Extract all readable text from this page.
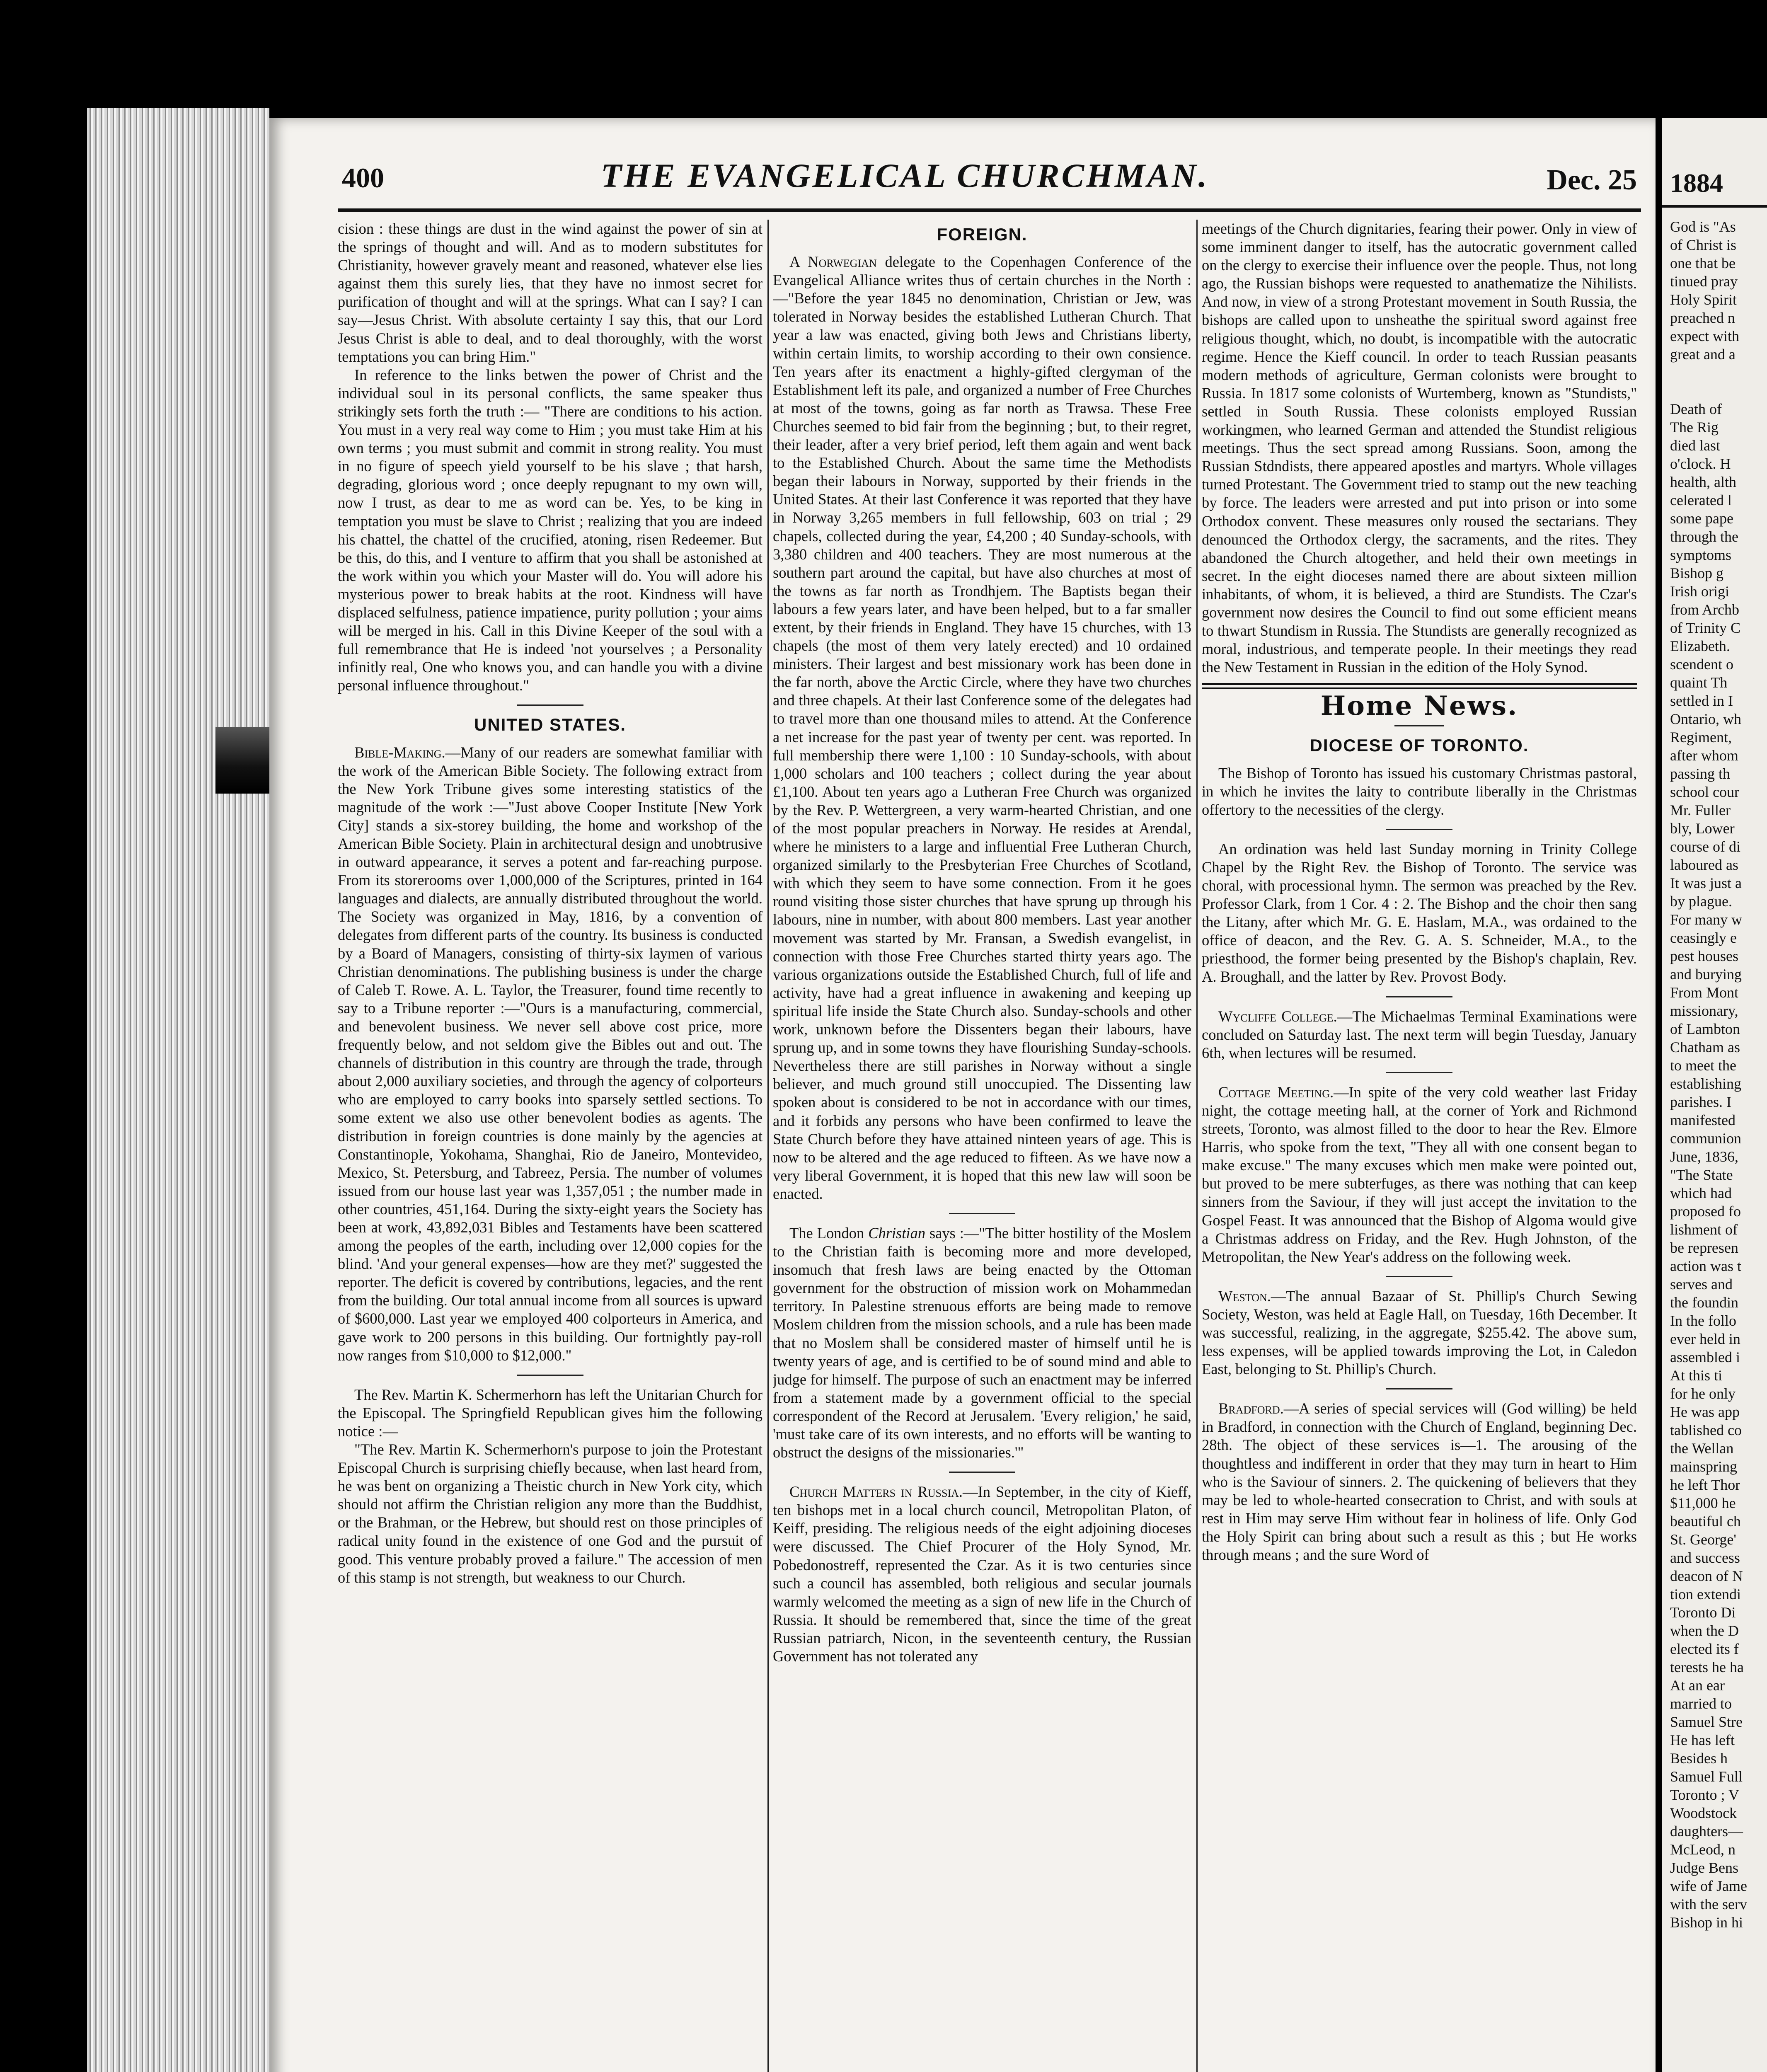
400	THE EVANGELICAL CHURCHMAN.	Dec. 25

cision : these things are dust in the wind against the power of sin at the springs of thought and will. And as to modern substitutes for Christianity, however gravely meant and reasoned, whatever else lies against them this surely lies, that they have no inmost secret for purification of thought and will at the springs. What can I say? I can say—Jesus Christ. With absolute certainty I say this, that our Lord Jesus Christ is able to deal, and to deal thoroughly, with the worst temptations you can bring Him."

In reference to the links betwen the power of Christ and the individual soul in its personal conflicts, the same speaker thus strikingly sets forth the truth :— "There are conditions to his action. You must in a very real way come to Him ; you must take Him at his own terms ; you must submit and commit in strong reality. You must in no figure of speech yield yourself to be his slave ; that harsh, degrading, glorious word ; once deeply repugnant to my own will, now I trust, as dear to me as word can be. Yes, to be king in temptation you must be slave to Christ ; realizing that you are indeed his chattel, the chattel of the crucified, atoning, risen Redeemer. But be this, do this, and I venture to affirm that you shall be astonished at the work within you which your Master will do. You will adore his mysterious power to break habits at the root. Kindness will have displaced selfulness, patience impatience, purity pollution ; your aims will be merged in his. Call in this Divine Keeper of the soul with a full remembrance that He is indeed 'not yourselves ; a Personality infinitly real, One who knows you, and can handle you with a divine personal influence throughout."

UNITED STATES.

Bible-Making.—Many of our readers are somewhat familiar with the work of the American Bible Society. The following extract from the New York Tribune gives some interesting statistics of the magnitude of the work :—"Just above Cooper Institute [New York City] stands a six-storey building, the home and workshop of the American Bible Society. Plain in architectural design and unobtrusive in outward appearance, it serves a potent and far-reaching purpose. From its storerooms over 1,000,000 of the Scriptures, printed in 164 languages and dialects, are annually distributed throughout the world. The Society was organized in May, 1816, by a convention of delegates from different parts of the country. Its business is conducted by a Board of Managers, consisting of thirty-six laymen of various Christian denominations. The publishing business is under the charge of Caleb T. Rowe. A. L. Taylor, the Treasurer, found time recently to say to a Tribune reporter :—"Ours is a manufacturing, commercial, and benevolent business. We never sell above cost price, more frequently below, and not seldom give the Bibles out and out. The channels of distribution in this country are through the trade, through about 2,000 auxiliary societies, and through the agency of colporteurs who are employed to carry books into sparsely settled sections. To some extent we also use other benevolent bodies as agents. The distribution in foreign countries is done mainly by the agencies at Constantinople, Yokohama, Shanghai, Rio de Janeiro, Montevideo, Mexico, St. Petersburg, and Tabreez, Persia. The number of volumes issued from our house last year was 1,357,051 ; the number made in other countries, 451,164. During the sixty-eight years the Society has been at work, 43,892,031 Bibles and Testaments have been scattered among the peoples of the earth, including over 12,000 copies for the blind. 'And your general expenses—how are they met?' suggested the reporter. The deficit is covered by contributions, legacies, and the rent from the building. Our total annual income from all sources is upward of $600,000. Last year we employed 400 colporteurs in America, and gave work to 200 persons in this building. Our fortnightly pay-roll now ranges from $10,000 to $12,000."

The Rev. Martin K. Schermerhorn has left the Unitarian Church for the Episcopal. The Springfield Republican gives him the following notice :—

"The Rev. Martin K. Schermerhorn's purpose to join the Protestant Episcopal Church is surprising chiefly because, when last heard from, he was bent on organizing a Theistic church in New York city, which should not affirm the Christian religion any more than the Buddhist, or the Brahman, or the Hebrew, but should rest on those principles of radical unity found in the existence of one God and the pursuit of good. This venture probably proved a failure." The accession of men of this stamp is not strength, but weakness to our Church.

FOREIGN.

A Norwegian delegate to the Copenhagen Conference of the Evangelical Alliance writes thus of certain churches in the North :—"Before the year 1845 no denomination, Christian or Jew, was tolerated in Norway besides the established Lutheran Church. That year a law was enacted, giving both Jews and Christians liberty, within certain limits, to worship according to their own consience. Ten years after its enactment a highly-gifted clergyman of the Establishment left its pale, and organized a number of Free Churches at most of the towns, going as far north as Trawsa. These Free Churches seemed to bid fair from the beginning ; but, to their regret, their leader, after a very brief period, left them again and went back to the Established Church. About the same time the Methodists began their labours in Norway, supported by their friends in the United States. At their last Conference it was reported that they have in Norway 3,265 members in full fellowship, 603 on trial ; 29 chapels, collected during the year, £4,200 ; 40 Sunday-schools, with 3,380 children and 400 teachers. They are most numerous at the southern part around the capital, but have also churches at most of the towns as far north as Trondhjem. The Baptists began their labours a few years later, and have been helped, but to a far smaller extent, by their friends in England. They have 15 churches, with 13 chapels (the most of them very lately erected) and 10 ordained ministers. Their largest and best missionary work has been done in the far north, above the Arctic Circle, where they have two churches and three chapels. At their last Conference some of the delegates had to travel more than one thousand miles to attend. At the Conference a net increase for the past year of twenty per cent. was reported. In full membership there were 1,100 : 10 Sunday-schools, with about 1,000 scholars and 100 teachers ; collect during the year about £1,100. About ten years ago a Lutheran Free Church was organized by the Rev. P. Wettergreen, a very warm-hearted Christian, and one of the most popular preachers in Norway. He resides at Arendal, where he ministers to a large and influential Free Lutheran Church, organized similarly to the Presbyterian Free Churches of Scotland, with which they seem to have some connection. From it he goes round visiting those sister churches that have sprung up through his labours, nine in number, with about 800 members. Last year another movement was started by Mr. Fransan, a Swedish evangelist, in connection with those Free Churches started thirty years ago. The various organizations outside the Established Church, full of life and activity, have had a great influence in awakening and keeping up spiritual life inside the State Church also. Sunday-schools and other work, unknown before the Dissenters began their labours, have sprung up, and in some towns they have flourishing Sunday-schools. Nevertheless there are still parishes in Norway without a single believer, and much ground still unoccupied. The Dissenting law spoken about is considered to be not in accordance with our times, and it forbids any persons who have been confirmed to leave the State Church before they have attained ninteen years of age. This is now to be altered and the age reduced to fifteen. As we have now a very liberal Government, it is hoped that this new law will soon be enacted.

The London Christian says :—"The bitter hostility of the Moslem to the Christian faith is becoming more and more developed, insomuch that fresh laws are being enacted by the Ottoman government for the obstruction of mission work on Mohammedan territory. In Palestine strenuous efforts are being made to remove Moslem children from the mission schools, and a rule has been made that no Moslem shall be considered master of himself until he is twenty years of age, and is certified to be of sound mind and able to judge for himself. The purpose of such an enactment may be inferred from a statement made by a government official to the special correspondent of the Record at Jerusalem. 'Every religion,' he said, 'must take care of its own interests, and no efforts will be wanting to obstruct the designs of the missionaries.'"

Church Matters in Russia.—In September, in the city of Kieff, ten bishops met in a local church council, Metropolitan Platon, of Keiff, presiding. The religious needs of the eight adjoining dioceses were discussed. The Chief Procurer of the Holy Synod, Mr. Pobedonostreff, represented the Czar. As it is two centuries since such a council has assembled, both religious and secular journals warmly welcomed the meeting as a sign of new life in the Church of Russia. It should be remembered that, since the time of the great Russian patriarch, Nicon, in the seventeenth century, the Russian Government has not tolerated any

meetings of the Church dignitaries, fearing their power. Only in view of some imminent danger to itself, has the autocratic government called on the clergy to exercise their influence over the people. Thus, not long ago, the Russian bishops were requested to anathematize the Nihilists. And now, in view of a strong Protestant movement in South Russia, the bishops are called upon to unsheathe the spiritual sword against free religious thought, which, no doubt, is incompatible with the autocratic regime. Hence the Kieff council. In order to teach Russian peasants modern methods of agriculture, German colonists were brought to Russia. In 1817 some colonists of Wurtemberg, known as "Stundists," settled in South Russia. These colonists employed Russian workingmen, who learned German and attended the Stundist religious meetings. Thus the sect spread among Russians. Soon, among the Russian Stdndists, there appeared apostles and martyrs. Whole villages turned Protestant. The Government tried to stamp out the new teaching by force. The leaders were arrested and put into prison or into some Orthodox convent. These measures only roused the sectarians. They denounced the Orthodox clergy, the sacraments, and the rites. They abandoned the Church altogether, and held their own meetings in secret. In the eight dioceses named there are about sixteen million inhabitants, of whom, it is believed, a third are Stundists. The Czar's government now desires the Council to find out some efficient means to thwart Stundism in Russia. The Stundists are generally recognized as moral, industrious, and temperate people. In their meetings they read the New Testament in Russian in the edition of the Holy Synod.

Home News.
DIOCESE OF TORONTO.

The Bishop of Toronto has issued his customary Christmas pastoral, in which he invites the laity to contribute liberally in the Christmas offertory to the necessities of the clergy.

An ordination was held last Sunday morning in Trinity College Chapel by the Right Rev. the Bishop of Toronto. The service was choral, with processional hymn. The sermon was preached by the Rev. Professor Clark, from 1 Cor. 4 : 2. The Bishop and the choir then sang the Litany, after which Mr. G. E. Haslam, M.A., was ordained to the office of deacon, and the Rev. G. A. S. Schneider, M.A., to the priesthood, the former being presented by the Bishop's chaplain, Rev. A. Broughall, and the latter by Rev. Provost Body.

Wycliffe College.—The Michaelmas Terminal Examinations were concluded on Saturday last. The next term will begin Tuesday, January 6th, when lectures will be resumed.

Cottage Meeting.—In spite of the very cold weather last Friday night, the cottage meeting hall, at the corner of York and Richmond streets, Toronto, was almost filled to the door to hear the Rev. Elmore Harris, who spoke from the text, "They all with one consent began to make excuse." The many excuses which men make were pointed out, but proved to be mere subterfuges, as there was nothing that can keep sinners from the Saviour, if they will just accept the invitation to the Gospel Feast. It was announced that the Bishop of Algoma would give a Christmas address on Friday, and the Rev. Hugh Johnston, of the Metropolitan, the New Year's address on the following week.

Weston.—The annual Bazaar of St. Phillip's Church Sewing Society, Weston, was held at Eagle Hall, on Tuesday, 16th December. It was successful, realizing, in the aggregate, $255.42. The above sum, less expenses, will be applied towards improving the Lot, in Caledon East, belonging to St. Phillip's Church.

Bradford.—A series of special services will (God willing) be held in Bradford, in connection with the Church of England, beginning Dec. 28th. The object of these services is—1. The arousing of the thoughtless and indifferent in order that they may turn in heart to Him who is the Saviour of sinners. 2. The quickening of believers that they may be led to whole-hearted consecration to Christ, and with souls at rest in Him may serve Him without fear in holiness of life. Only God the Holy Spirit can bring about such a result as this ; but He works through means ; and the sure Word of

1884
God is "As
of Christ is
one that be
tinued pray
Holy Spirit
preached n
expect with
great and a

Death of
The Rig
died last
o'clock. H
health, alth
celerated l
some pape
through the
symptoms
Bishop g
Irish origi
from Archb
of Trinity C
Elizabeth.
scendent o
quaint Th
settled in I
Ontario, wh
Regiment,
after whom
passing th
school cour
Mr. Fuller
bly, Lower
course of di
laboured as
It was just a
by plague.
For many w
ceasingly e
pest houses
and burying
From Mont
missionary,
of Lambton
Chatham as
to meet the
establishing
parishes. I
manifested
communion
June, 1836,
"The State
which had
proposed fo
lishment of
be represen
action was t
serves and
the foundin
In the follo
ever held in
assembled i
At this ti
for he only
He was app
tablished co
the Wellan
mainspring
he left Thor
$11,000 he
beautiful ch
St. George'
and success
deacon of N
tion extendi
Toronto Di
when the D
elected its f
terests he ha
At an ear
married to
Samuel Stre
He has left
Besides h
Samuel Full
Toronto ; V
Woodstock
daughters—
McLeod, n
Judge Bens
wife of Jame
with the serv
Bishop in hi
